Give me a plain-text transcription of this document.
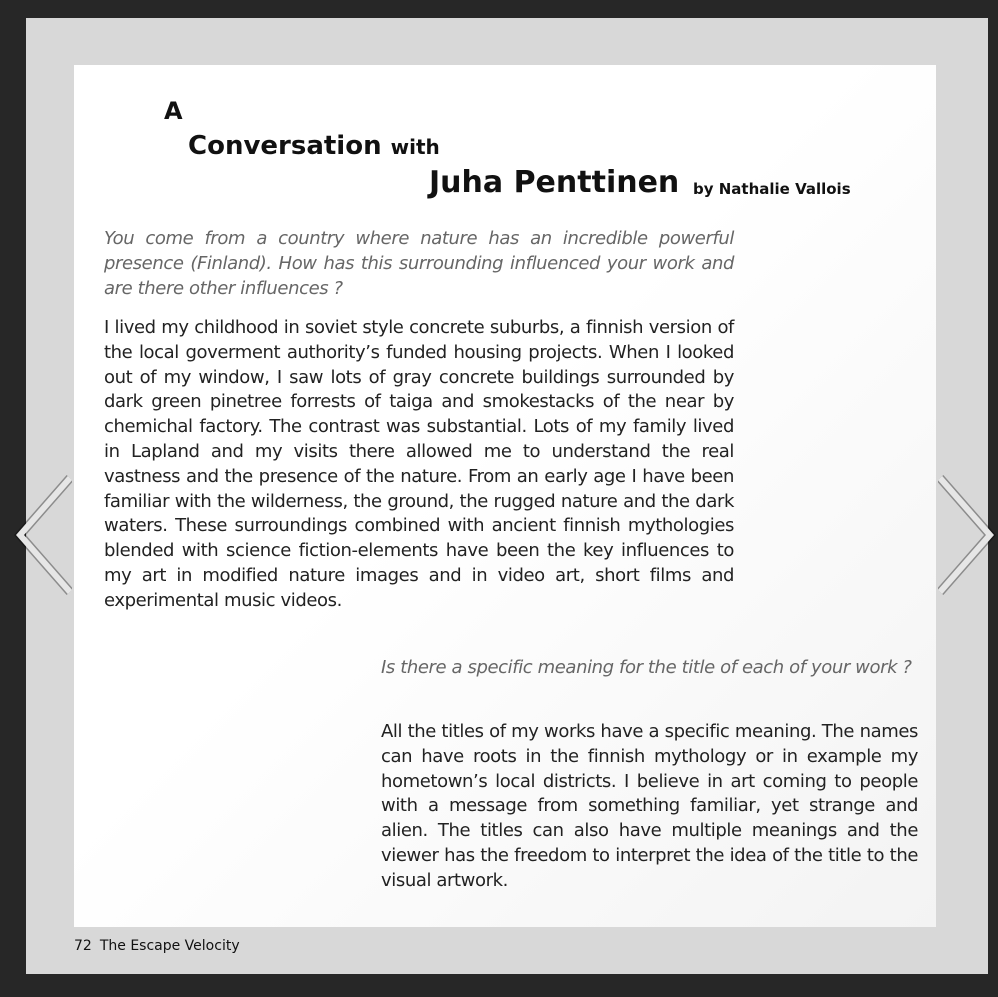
A
Conversation with
Juha Penttinen by Nathalie Vallois

You come from a country where nature has an incredible powerful presence (Finland). How has this surrounding influenced your work and are there other influences ?

I lived my childhood in soviet style concrete suburbs, a finnish version of the local goverment authority’s funded housing projects. When I looked out of my window, I saw lots of gray concrete buildings surrounded by dark green pinetree forrests of taiga and smokestacks of the near by chemichal factory. The contrast was substantial. Lots of my family lived in Lapland and my visits there allowed me to understand the real vastness and the presence of the nature. From an early age I have been familiar with the wilderness, the ground, the rugged nature and the dark waters. These surroundings combined with ancient finnish mythologies blended with science fiction-elements have been the key influences to my art in modified nature images and in video art, short films and experimental music videos.

Is there a specific meaning for the title of each of your work ?

All the titles of my works have a specific meaning. The names can have roots in the finnish mythology or in example my hometown’s local districts. I believe in art coming to people with a message from something familiar, yet strange and alien. The titles can also have multiple meanings and the viewer has the freedom to interpret the idea of the title to the visual artwork.

72 The Escape Velocity
